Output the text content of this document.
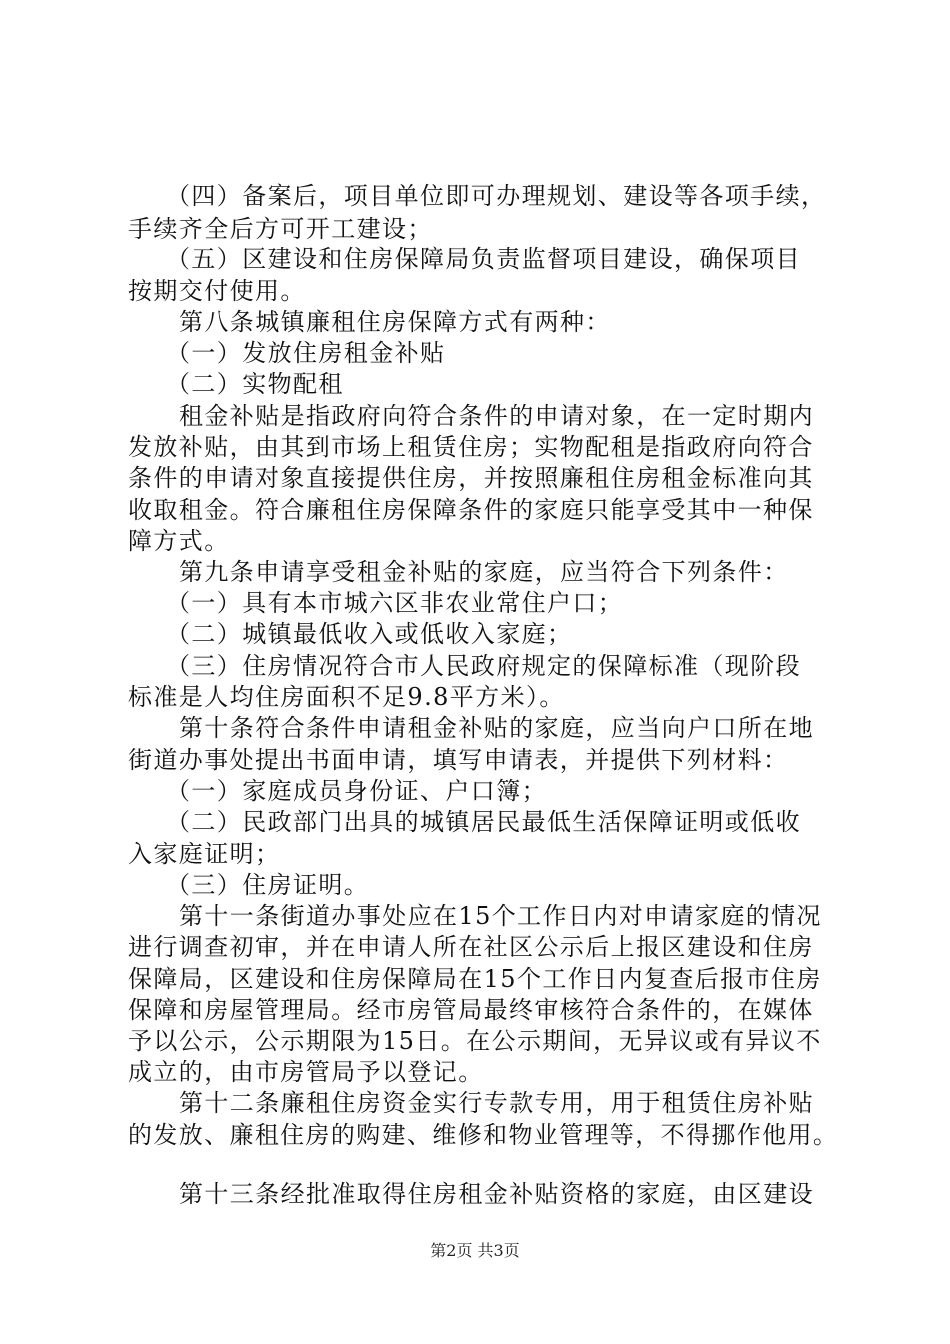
（四）备案后，项目单位即可办理规划、建设等各项手续，
手续齐全后方可开工建设；
（五）区建设和住房保障局负责监督项目建设，确保项目
按期交付使用。
第八条城镇廉租住房保障方式有两种：
（一）发放住房租金补贴
（二）实物配租
租金补贴是指政府向符合条件的申请对象，在一定时期内
发放补贴，由其到市场上租赁住房；实物配租是指政府向符合
条件的申请对象直接提供住房，并按照廉租住房租金标准向其
收取租金。符合廉租住房保障条件的家庭只能享受其中一种保
障方式。
第九条申请享受租金补贴的家庭，应当符合下列条件：
（一）具有本市城六区非农业常住户口；
（二）城镇最低收入或低收入家庭；
（三）住房情况符合市人民政府规定的保障标准（现阶段
标准是人均住房面积不足9.8平方米）。
第十条符合条件申请租金补贴的家庭，应当向户口所在地
街道办事处提出书面申请，填写申请表，并提供下列材料：
（一）家庭成员身份证、户口簿；
（二）民政部门出具的城镇居民最低生活保障证明或低收
入家庭证明；
（三）住房证明。
第十一条街道办事处应在15个工作日内对申请家庭的情况
进行调查初审，并在申请人所在社区公示后上报区建设和住房
保障局，区建设和住房保障局在15个工作日内复查后报市住房
保障和房屋管理局。经市房管局最终审核符合条件的，在媒体
予以公示，公示期限为15日。在公示期间，无异议或有异议不
成立的，由市房管局予以登记。
第十二条廉租住房资金实行专款专用，用于租赁住房补贴
的发放、廉租住房的购建、维修和物业管理等，不得挪作他用。
第十三条经批准取得住房租金补贴资格的家庭，由区建设
第2页 共3页
